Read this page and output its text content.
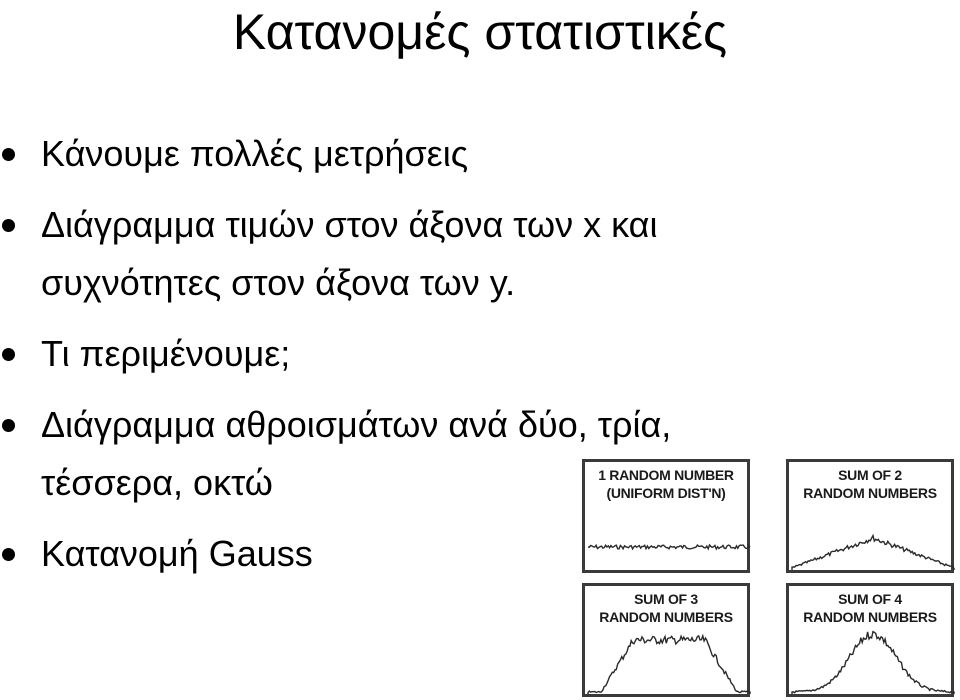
Κατανομές στατιστικές
Κάνουμε πολλές μετρήσεις
Διάγραμμα τιμών στον άξονα των x και
συχνότητες στον άξονα των y.
Τι περιμένουμε;
Διάγραμμα αθροισμάτων ανά δύο, τρία,
τέσσερα, οκτώ
Κατανομή Gauss
1 RANDOM NUMBER
(UNIFORM DIST'N)
SUM OF 2
RANDOM NUMBERS
SUM OF 3
RANDOM NUMBERS
SUM OF 4
RANDOM NUMBERS
